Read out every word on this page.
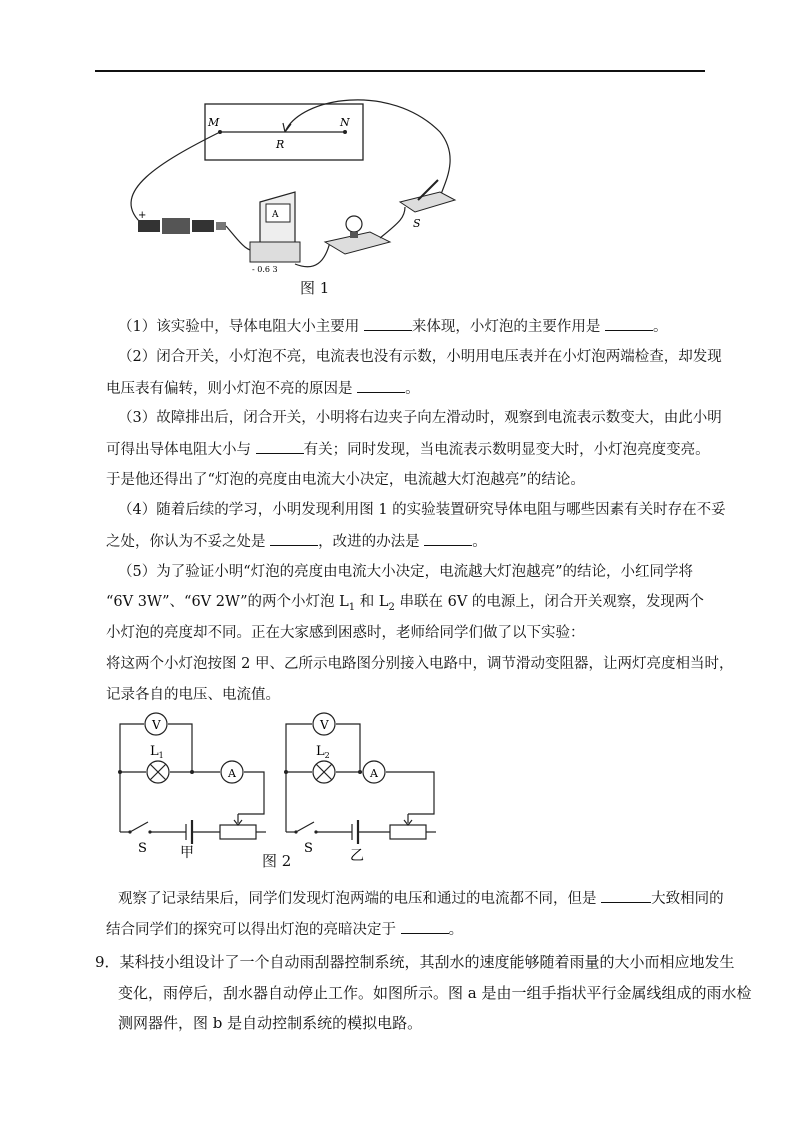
M	N
R
+	A
- 0.6 3
S
图 1
（1）该实验中，导体电阻大小主要用	来体现，小灯泡的主要作用是	。
（2）闭合开关，小灯泡不亮，电流表也没有示数，小明用电压表并在小灯泡两端检查，却发现
电压表有偏转，则小灯泡不亮的原因是	。
（3）故障排出后，闭合开关，小明将右边夹子向左滑动时，观察到电流表示数变大，由此小明
可得出导体电阻大小与	有关；同时发现，当电流表示数明显变大时，小灯泡亮度变亮。
于是他还得出了“灯泡的亮度由电流大小决定，电流越大灯泡越亮”的结论。
（4）随着后续的学习，小明发现利用图 1 的实验装置研究导体电阻与哪些因素有关时存在不妥
之处，你认为不妥之处是	，改进的办法是	。
（5）为了验证小明“灯泡的亮度由电流大小决定，电流越大灯泡越亮”的结论，小红同学将
“6V 3W”、“6V 2W”的两个小灯泡 $L_1$ 和 $L_2$ 串联在 6V 的电源上，闭合开关观察，发现两个
小灯泡的亮度却不同。正在大家感到困惑时，老师给同学们做了以下实验：
将这两个小灯泡按图 2 甲、乙所示电路图分别接入电路中，调节滑动变阻器，让两灯亮度相当时，
记录各自的电压、电流值。
V
A
$L_1$
S 甲
V
A
$L_2$
S	乙
图 2
观察了记录结果后，同学们发现灯泡两端的电压和通过的电流都不同，但是	大致相同的
结合同学们的探究可以得出灯泡的亮暗决定于	。
9．某科技小组设计了一个自动雨刮器控制系统，其刮水的速度能够随着雨量的大小而相应地发生
变化，雨停后，刮水器自动停止工作。如图所示。图 a 是由一组手指状平行金属线组成的雨水检
测网器件，图 b 是自动控制系统的模拟电路。
